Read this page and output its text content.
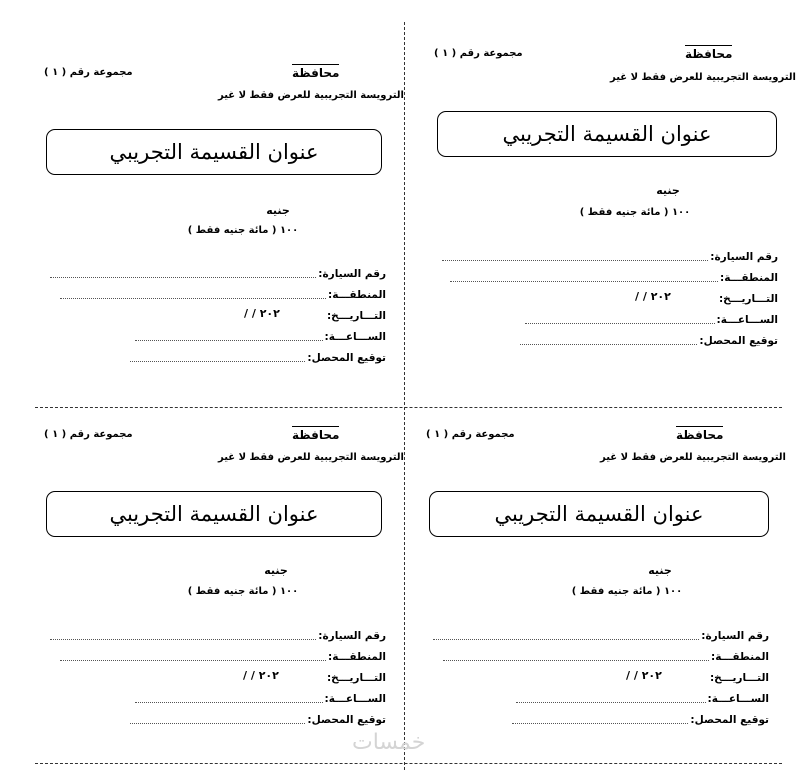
مجموعة رقم ( ١ )	محافظة
الترويسة التجريبية للعرض فقط لا غير
عنوان القسيمة التجريبي
جنيه
١٠٠ ( مائة جنيه فقط )
رقم السيارة:
المنطقـــة:
التـــاريـــخ:
٢٠٢ / /
الســـاعـــة:
توقيع المحصل:
مجموعة رقم ( ١ )	محافظة
الترويسة التجريبية للعرض فقط لا غير
عنوان القسيمة التجريبي
جنيه
١٠٠ ( مائة جنيه فقط )
رقم السيارة:
المنطقـــة:
التـــاريـــخ:
٢٠٢ / /
الســـاعـــة:
توقيع المحصل:
مجموعة رقم ( ١ )	محافظة
الترويسة التجريبية للعرض فقط لا غير
عنوان القسيمة التجريبي
جنيه
١٠٠ ( مائة جنيه فقط )
رقم السيارة:
المنطقـــة:
التـــاريـــخ:
٢٠٢ / /
الســـاعـــة:
توقيع المحصل:
مجموعة رقم ( ١ )	محافظة
الترويسة التجريبية للعرض فقط لا غير
عنوان القسيمة التجريبي
جنيه
١٠٠ ( مائة جنيه فقط )
رقم السيارة:
المنطقـــة:
التـــاريـــخ:
٢٠٢ / /
الســـاعـــة:
توقيع المحصل:
خمسات
